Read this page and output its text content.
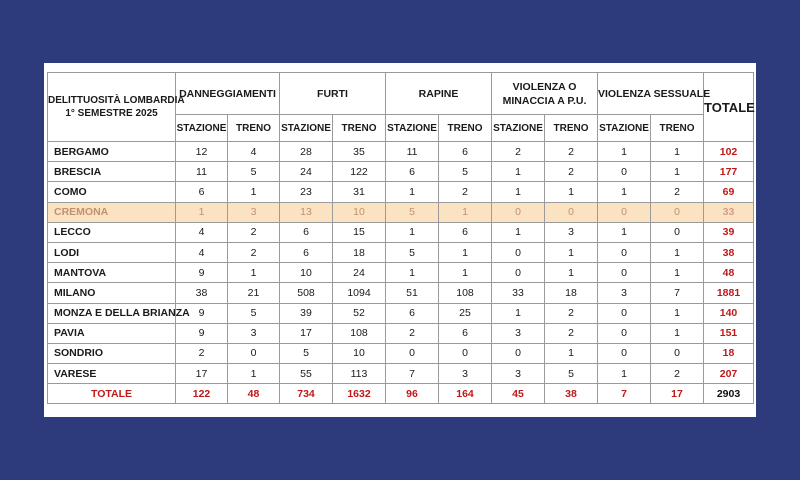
DELITTUOSITÀ LOMBARDIA
1° SEMESTRE 2025	DANNEGGIAMENTI		FURTI		RAPINE		VIOLENZA O
MINACCIA A P.U.		VIOLENZA SESSUALE		TOTALE
	STAZIONE	TRENO	STAZIONE	TRENO	STAZIONE	TRENO	STAZIONE	TRENO	STAZIONE	TRENO	
BERGAMO	12	4	28	35	11	6	2	2	1	1	102
BRESCIA	11	5	24	122	6	5	1	2	0	1	177
COMO	6	1	23	31	1	2	1	1	1	2	69
CREMONA	1	3	13	10	5	1	0	0	0	0	33
LECCO	4	2	6	15	1	6	1	3	1	0	39
LODI	4	2	6	18	5	1	0	1	0	1	38
MANTOVA	9	1	10	24	1	1	0	1	0	1	48
MILANO	38	21	508	1094	51	108	33	18	3	7	1881
MONZA E DELLA BRIANZA	9	5	39	52	6	25	1	2	0	1	140
PAVIA	9	3	17	108	2	6	3	2	0	1	151
SONDRIO	2	0	5	10	0	0	0	1	0	0	18
VARESE	17	1	55	113	7	3	3	5	1	2	207
TOTALE	122	48	734	1632	96	164	45	38	7	17	2903
